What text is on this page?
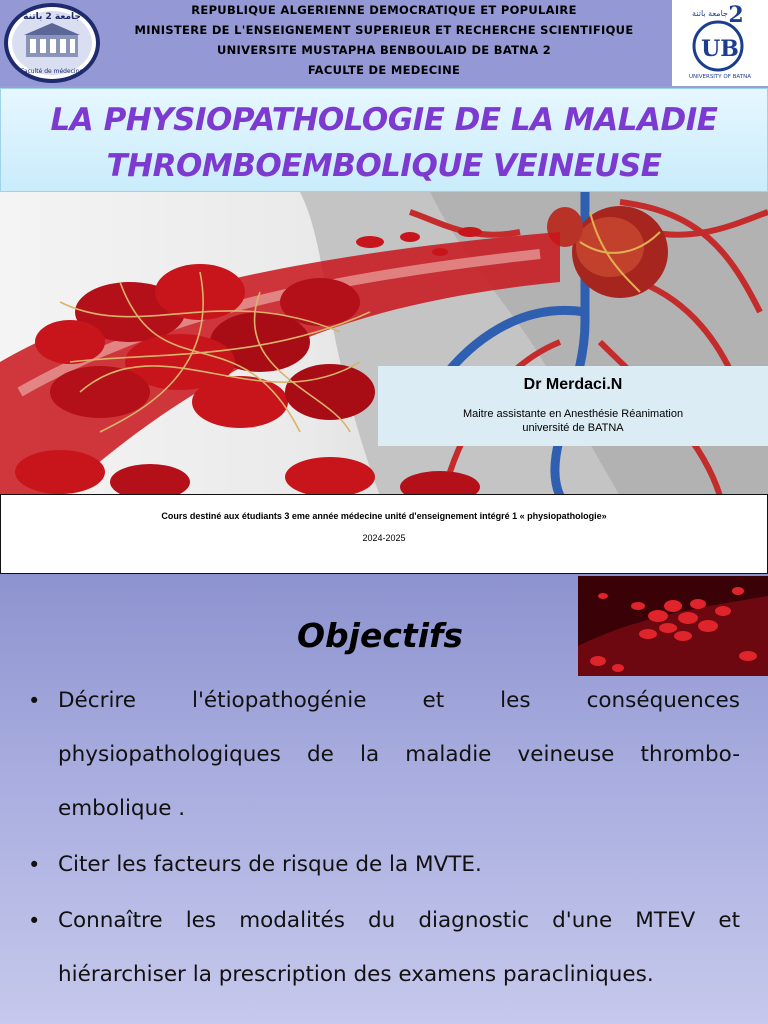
جامعة 2 باتنة
Faculté de médecine
REPUBLIQUE ALGERIENNE DEMOCRATIQUE ET POPULAIRE
MINISTERE DE L'ENSEIGNEMENT SUPERIEUR ET RECHERCHE SCIENTIFIQUE
UNIVERSITE MUSTAPHA BENBOULAID DE BATNA 2
FACULTE DE MEDECINE
2
جامعة باتنة
UB
UNIVERSITY OF BATNA
LA PHYSIOPATHOLOGIE DE LA MALADIE
THROMBOEMBOLIQUE VEINEUSE
Dr Merdaci.N
Maitre assistante en Anesthésie Réanimation
université de BATNA
Cours destiné aux étudiants 3 eme année médecine unité d'enseignement intégré 1 « physiopathologie»
2024-2025
Objectifs
• Décrire l'étiopathogénie et les conséquences physiopathologiques de la maladie veineuse thrombo-embolique .
• Citer les facteurs de risque de la MVTE.
• Connaître les modalités du diagnostic d'une MTEV et hiérarchiser la prescription des examens paracliniques.
